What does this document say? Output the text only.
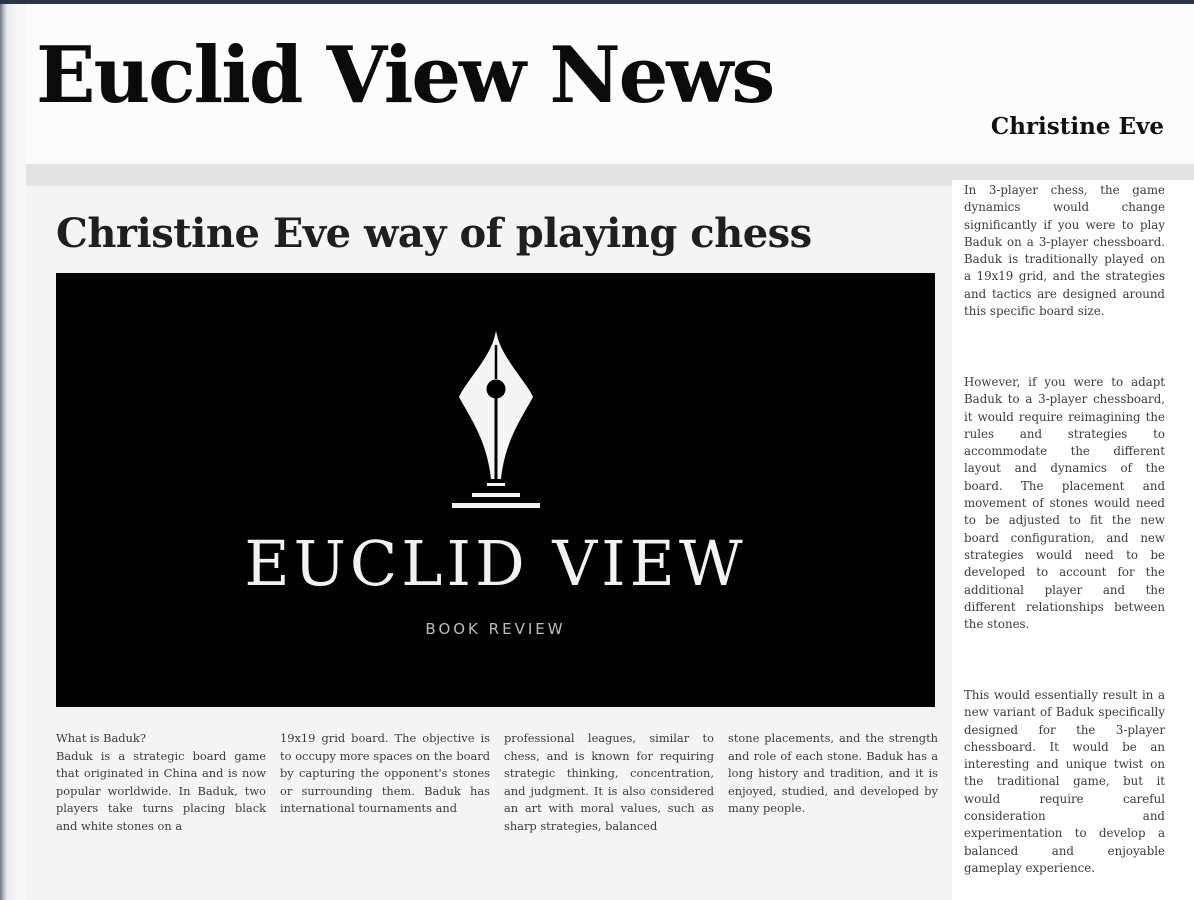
Euclid View News
Christine Eve
Christine Eve way of playing chess
EUCLID VIEW
BOOK REVIEW
What is Baduk?
Baduk is a strategic board game that originated in China and is now popular worldwide. In Baduk, two players take turns placing black and white stones on a
19x19 grid board. The objective is to occupy more spaces on the board by capturing the opponent's stones or surrounding them. Baduk has international tournaments and
professional leagues, similar to chess, and is known for requiring strategic thinking, concentration, and judgment. It is also considered an art with moral values, such as sharp strategies, balanced
stone placements, and the strength and role of each stone. Baduk has a long history and tradition, and it is enjoyed, studied, and developed by many people.

In 3-player chess, the game dynamics would change significantly if you were to play Baduk on a 3-player chessboard. Baduk is traditionally played on a 19x19 grid, and the strategies and tactics are designed around this specific board size.

However, if you were to adapt Baduk to a 3-player chessboard, it would require reimagining the rules and strategies to accommodate the different layout and dynamics of the board. The placement and movement of stones would need to be adjusted to fit the new board configuration, and new strategies would need to be developed to account for the additional player and the different relationships between the stones.

This would essentially result in a new variant of Baduk specifically designed for the 3-player chessboard. It would be an interesting and unique twist on the traditional game, but it would require careful consideration and experimentation to develop a balanced and enjoyable gameplay experience.
